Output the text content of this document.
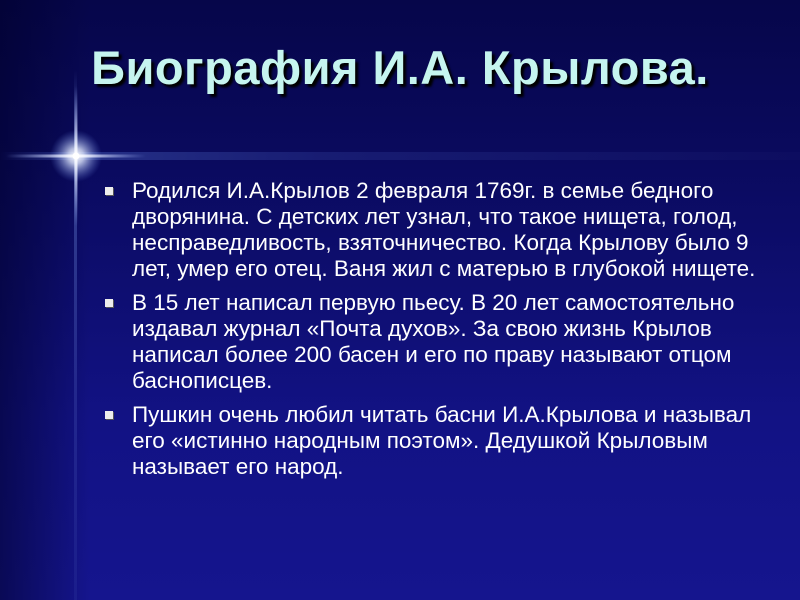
Биография И.А. Крылова.
Родился И.А.Крылов 2 февраля 1769г. в семье бедного дворянина. С детских лет узнал, что такое нищета, голод, несправедливость, взяточничество. Когда Крылову было 9 лет, умер его отец. Ваня жил с матерью в глубокой нищете.
В 15 лет написал первую пьесу. В 20 лет самостоятельно издавал журнал «Почта духов». За свою жизнь Крылов написал более 200 басен и его по праву называют отцом баснописцев.
Пушкин очень любил читать басни И.А.Крылова и называл его «истинно народным поэтом». Дедушкой Крыловым называет его народ.
